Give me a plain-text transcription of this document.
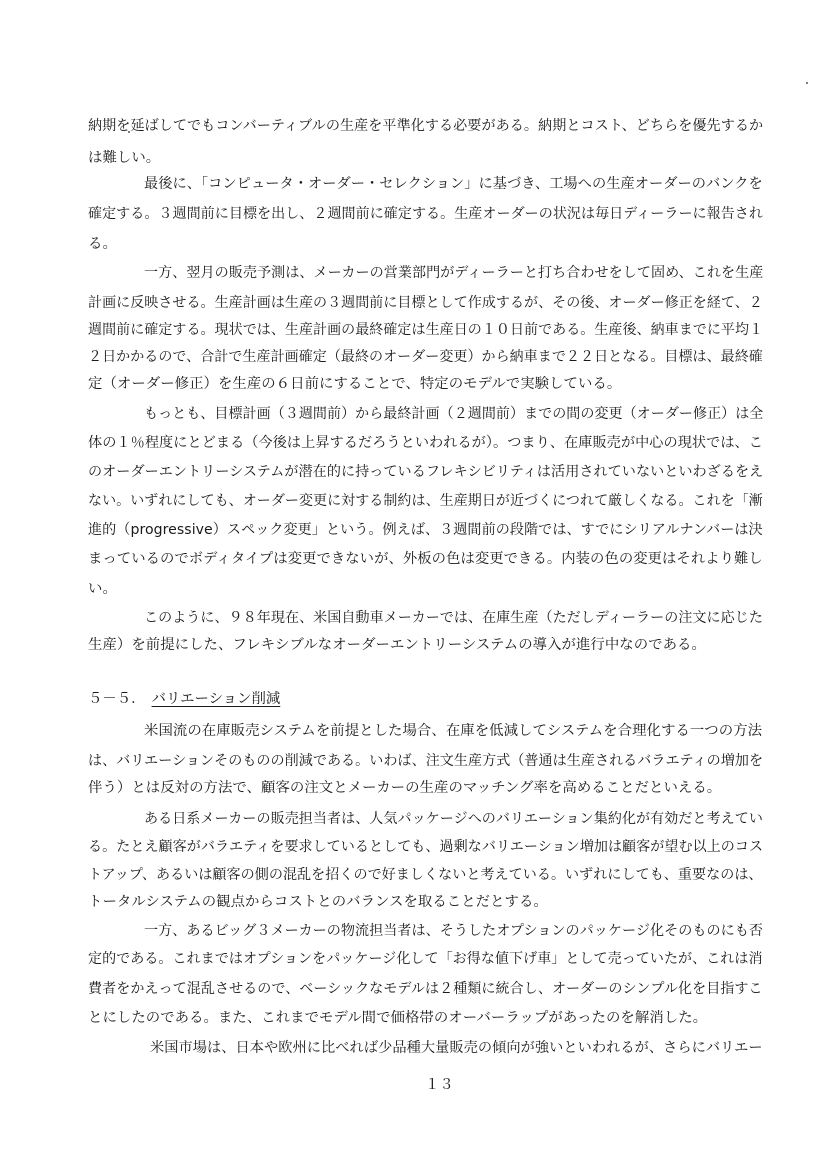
納期を延ばしてでもコンバーティブルの生産を平準化する必要がある。納期とコスト、どちらを優先するか
は難しい。
最後に、「コンピュータ・オーダー・セレクション」に基づき、工場への生産オーダーのバンクを
確定する。３週間前に目標を出し、２週間前に確定する。生産オーダーの状況は毎日ディーラーに報告され
る。
一方、翌月の販売予測は、メーカーの営業部門がディーラーと打ち合わせをして固め、これを生産
計画に反映させる。生産計画は生産の３週間前に目標として作成するが、その後、オーダー修正を経て、２
週間前に確定する。現状では、生産計画の最終確定は生産日の１０日前である。生産後、納車までに平均１
２日かかるので、合計で生産計画確定（最終のオーダー変更）から納車まで２２日となる。目標は、最終確
定（オーダー修正）を生産の６日前にすることで、特定のモデルで実験している。
もっとも、目標計画（３週間前）から最終計画（２週間前）までの間の変更（オーダー修正）は全
体の１％程度にとどまる（今後は上昇するだろうといわれるが）。つまり、在庫販売が中心の現状では、こ
のオーダーエントリーシステムが潜在的に持っているフレキシビリティは活用されていないといわざるをえ
ない。いずれにしても、オーダー変更に対する制約は、生産期日が近づくにつれて厳しくなる。これを「漸
進的（progressive）スペック変更」という。例えば、３週間前の段階では、すでにシリアルナンバーは決
まっているのでボディタイプは変更できないが、外板の色は変更できる。内装の色の変更はそれより難し
い。
このように、９８年現在、米国自動車メーカーでは、在庫生産（ただしディーラーの注文に応じた
生産）を前提にした、フレキシブルなオーダーエントリーシステムの導入が進行中なのである。
５－５． バリエーション削減
米国流の在庫販売システムを前提とした場合、在庫を低減してシステムを合理化する一つの方法
は、バリエーションそのものの削減である。いわば、注文生産方式（普通は生産されるバラエティの増加を
伴う）とは反対の方法で、顧客の注文とメーカーの生産のマッチング率を高めることだといえる。
ある日系メーカーの販売担当者は、人気パッケージへのバリエーション集約化が有効だと考えてい
る。たとえ顧客がバラエティを要求しているとしても、過剰なバリエーション増加は顧客が望む以上のコス
トアップ、あるいは顧客の側の混乱を招くので好ましくないと考えている。いずれにしても、重要なのは、
トータルシステムの観点からコストとのバランスを取ることだとする。
一方、あるビッグ３メーカーの物流担当者は、そうしたオプションのパッケージ化そのものにも否
定的である。これまではオプションをパッケージ化して「お得な値下げ車」として売っていたが、これは消
費者をかえって混乱させるので、ベーシックなモデルは２種類に統合し、オーダーのシンプル化を目指すこ
とにしたのである。また、これまでモデル間で価格帯のオーバーラップがあったのを解消した。
米国市場は、日本や欧州に比べれば少品種大量販売の傾向が強いといわれるが、さらにバリエー
１３
